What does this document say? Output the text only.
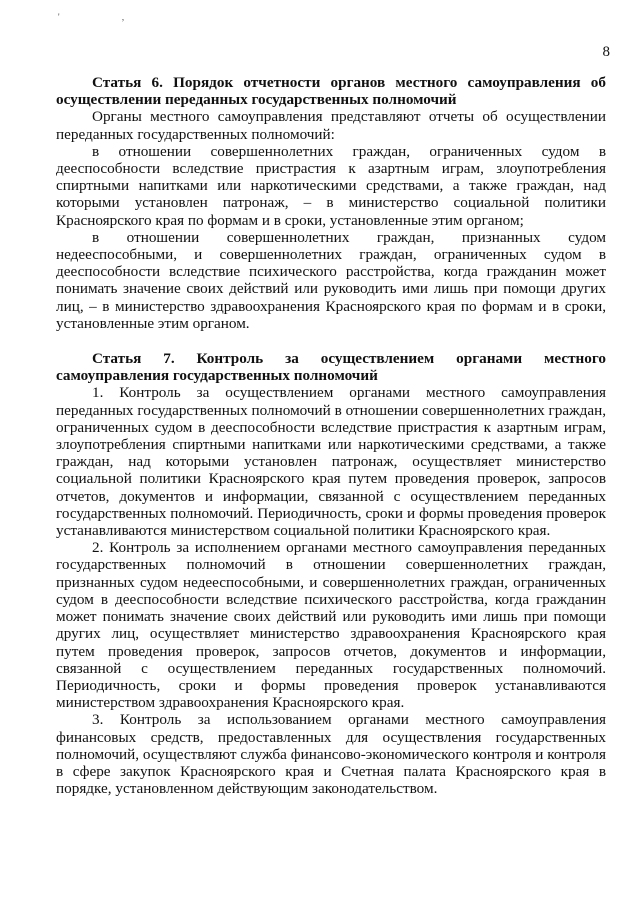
' ,
8

Статья 6. Порядок отчетности органов местного самоуправления об осуществлении переданных государственных полномочий

Органы местного самоуправления представляют отчеты об осуществлении переданных государственных полномочий:

в отношении совершеннолетних граждан, ограниченных судом в дееспособности вследствие пристрастия к азартным играм, злоупотребления спиртными напитками или наркотическими средствами, а также граждан, над которыми установлен патронаж, – в министерство социальной политики Красноярского края по формам и в сроки, установленные этим органом;

в отношении совершеннолетних граждан, признанных судом недееспособными, и совершеннолетних граждан, ограниченных судом в дееспособности вследствие психического расстройства, когда гражданин может понимать значение своих действий или руководить ими лишь при помощи других лиц, – в министерство здравоохранения Красноярского края по формам и в сроки, установленные этим органом.

Статья 7. Контроль за осуществлением органами местного самоуправления государственных полномочий

1. Контроль за осуществлением органами местного самоуправления переданных государственных полномочий в отношении совершеннолетних граждан, ограниченных судом в дееспособности вследствие пристрастия к азартным играм, злоупотребления спиртными напитками или наркотическими средствами, а также граждан, над которыми установлен патронаж, осуществляет министерство социальной политики Красноярского края путем проведения проверок, запросов отчетов, документов и информации, связанной с осуществлением переданных государственных полномочий. Периодичность, сроки и формы проведения проверок устанавливаются министерством социальной политики Красноярского края.

2. Контроль за исполнением органами местного самоуправления переданных государственных полномочий в отношении совершеннолетних граждан, признанных судом недееспособными, и совершеннолетних граждан, ограниченных судом в дееспособности вследствие психического расстройства, когда гражданин может понимать значение своих действий или руководить ими лишь при помощи других лиц, осуществляет министерство здравоохранения Красноярского края путем проведения проверок, запросов отчетов, документов и информации, связанной с осуществлением переданных государственных полномочий. Периодичность, сроки и формы проведения проверок устанавливаются министерством здравоохранения Красноярского края.

3. Контроль за использованием органами местного самоуправления финансовых средств, предоставленных для осуществления государственных полномочий, осуществляют служба финансово-экономического контроля и контроля в сфере закупок Красноярского края и Счетная палата Красноярского края в порядке, установленном действующим законодательством.
